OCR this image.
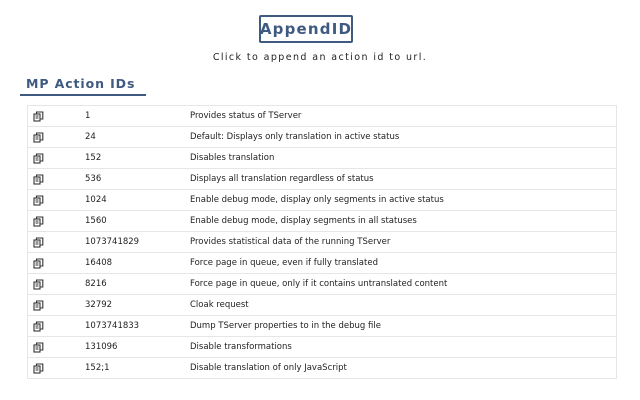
AppendID
Click to append an action id to url.
MP Action IDs
1	Provides status of TServer
24	Default: Displays only translation in active status
152	Disables translation
536	Displays all translation regardless of status
1024	Enable debug mode, display only segments in active status
1560	Enable debug mode, display segments in all statuses
1073741829	Provides statistical data of the running TServer
16408	Force page in queue, even if fully translated
8216	Force page in queue, only if it contains untranslated content
32792	Cloak request
1073741833	Dump TServer properties to in the debug file
131096	Disable transformations
152;1	Disable translation of only JavaScript
